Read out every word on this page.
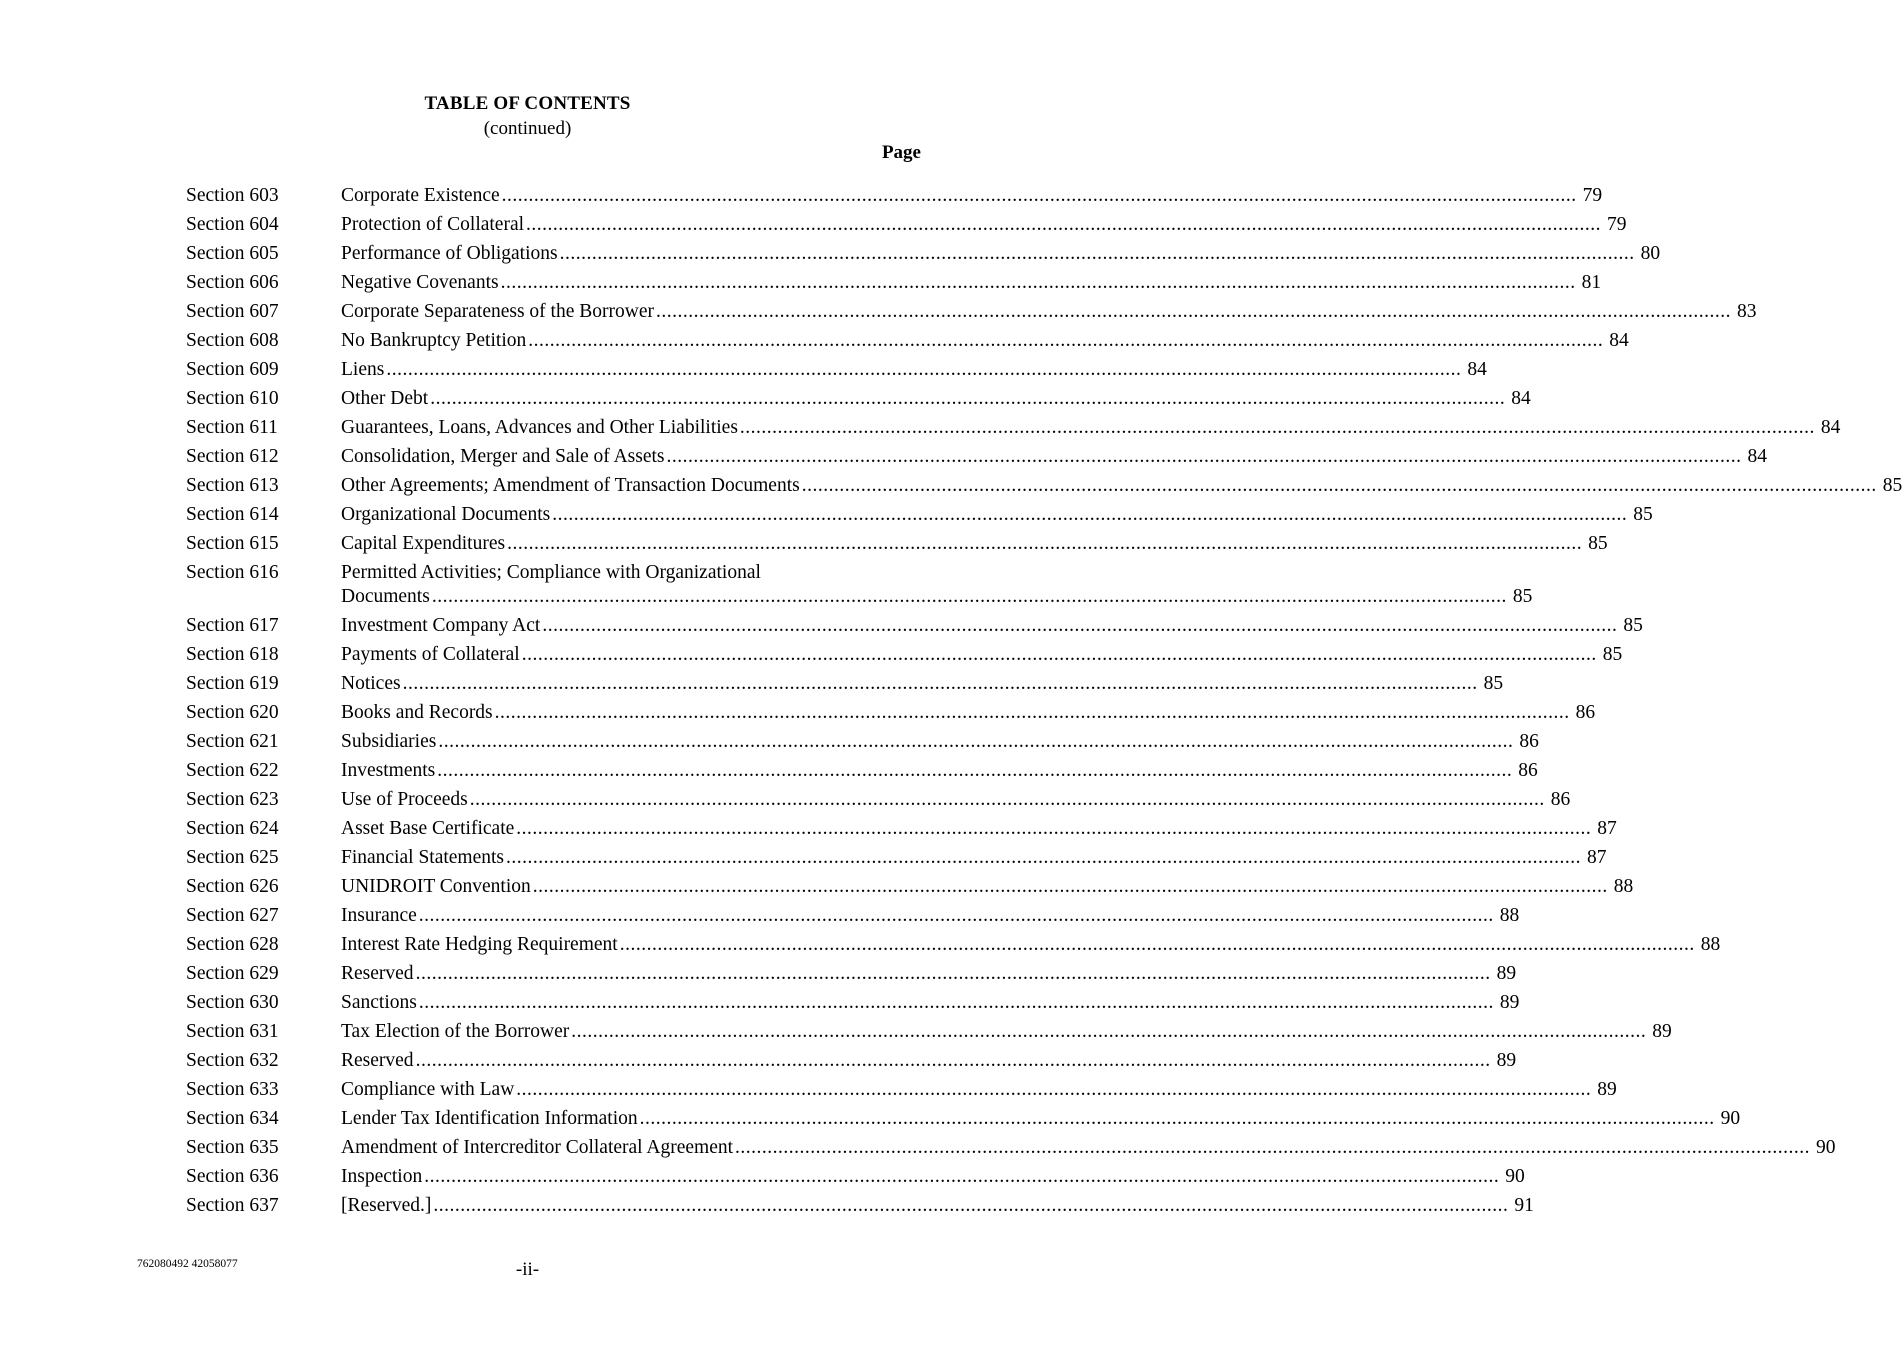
TABLE OF CONTENTS
(continued)
Page
Section 603	Corporate Existence ........................................................................................................................................................................................................ 79
Section 604	Protection of Collateral ........................................................................................................................................................................................................ 79
Section 605	Performance of Obligations ........................................................................................................................................................................................................ 80
Section 606	Negative Covenants ........................................................................................................................................................................................................ 81
Section 607	Corporate Separateness of the Borrower ........................................................................................................................................................................................................ 83
Section 608	No Bankruptcy Petition ........................................................................................................................................................................................................ 84
Section 609	Liens ........................................................................................................................................................................................................ 84
Section 610	Other Debt ........................................................................................................................................................................................................ 84
Section 611	Guarantees, Loans, Advances and Other Liabilities ........................................................................................................................................................................................................ 84
Section 612	Consolidation, Merger and Sale of Assets ........................................................................................................................................................................................................ 84
Section 613	Other Agreements; Amendment of Transaction Documents ........................................................................................................................................................................................................ 85
Section 614	Organizational Documents ........................................................................................................................................................................................................ 85
Section 615	Capital Expenditures ........................................................................................................................................................................................................ 85
Section 616	Permitted Activities; Compliance with Organizational
Documents ........................................................................................................................................................................................................ 85
Section 617	Investment Company Act ........................................................................................................................................................................................................ 85
Section 618	Payments of Collateral ........................................................................................................................................................................................................ 85
Section 619	Notices ........................................................................................................................................................................................................ 85
Section 620	Books and Records ........................................................................................................................................................................................................ 86
Section 621	Subsidiaries ........................................................................................................................................................................................................ 86
Section 622	Investments ........................................................................................................................................................................................................ 86
Section 623	Use of Proceeds ........................................................................................................................................................................................................ 86
Section 624	Asset Base Certificate ........................................................................................................................................................................................................ 87
Section 625	Financial Statements ........................................................................................................................................................................................................ 87
Section 626	UNIDROIT Convention ........................................................................................................................................................................................................ 88
Section 627	Insurance ........................................................................................................................................................................................................ 88
Section 628	Interest Rate Hedging Requirement ........................................................................................................................................................................................................ 88
Section 629	Reserved ........................................................................................................................................................................................................ 89
Section 630	Sanctions ........................................................................................................................................................................................................ 89
Section 631	Tax Election of the Borrower ........................................................................................................................................................................................................ 89
Section 632	Reserved ........................................................................................................................................................................................................ 89
Section 633	Compliance with Law ........................................................................................................................................................................................................ 89
Section 634	Lender Tax Identification Information ........................................................................................................................................................................................................ 90
Section 635	Amendment of Intercreditor Collateral Agreement ........................................................................................................................................................................................................ 90
Section 636	Inspection ........................................................................................................................................................................................................ 90
Section 637	[Reserved.] ........................................................................................................................................................................................................ 91
762080492 42058077	-ii-
